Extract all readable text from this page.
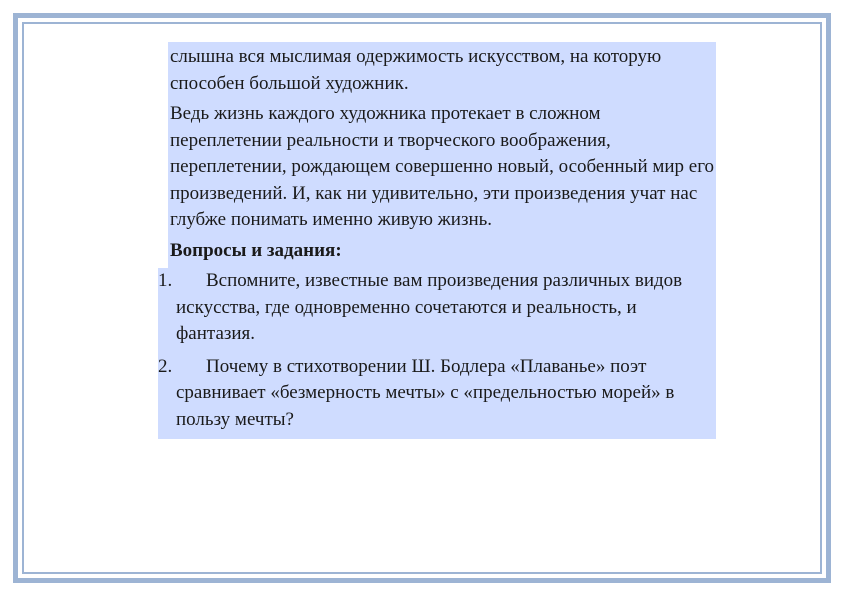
слышна вся мыслимая одержимость искусством, на которую способен большой художник.
Ведь жизнь каждого художника протекает в сложном переплетении реальности и творческого воображения, переплетении, рождающем совершенно новый, особенный мир его произведений. И, как ни удивительно, эти произведения учат нас глубже понимать именно живую жизнь.
Вопросы и задания:
1.	Вспомните, известные вам произведения различных видов искусства, где одновременно сочетаются и реальность, и фантазия.
2.	Почему в стихотворении Ш. Бодлера «Плаванье» поэт сравнивает «безмерность мечты» с «предельностью морей» в пользу мечты?
